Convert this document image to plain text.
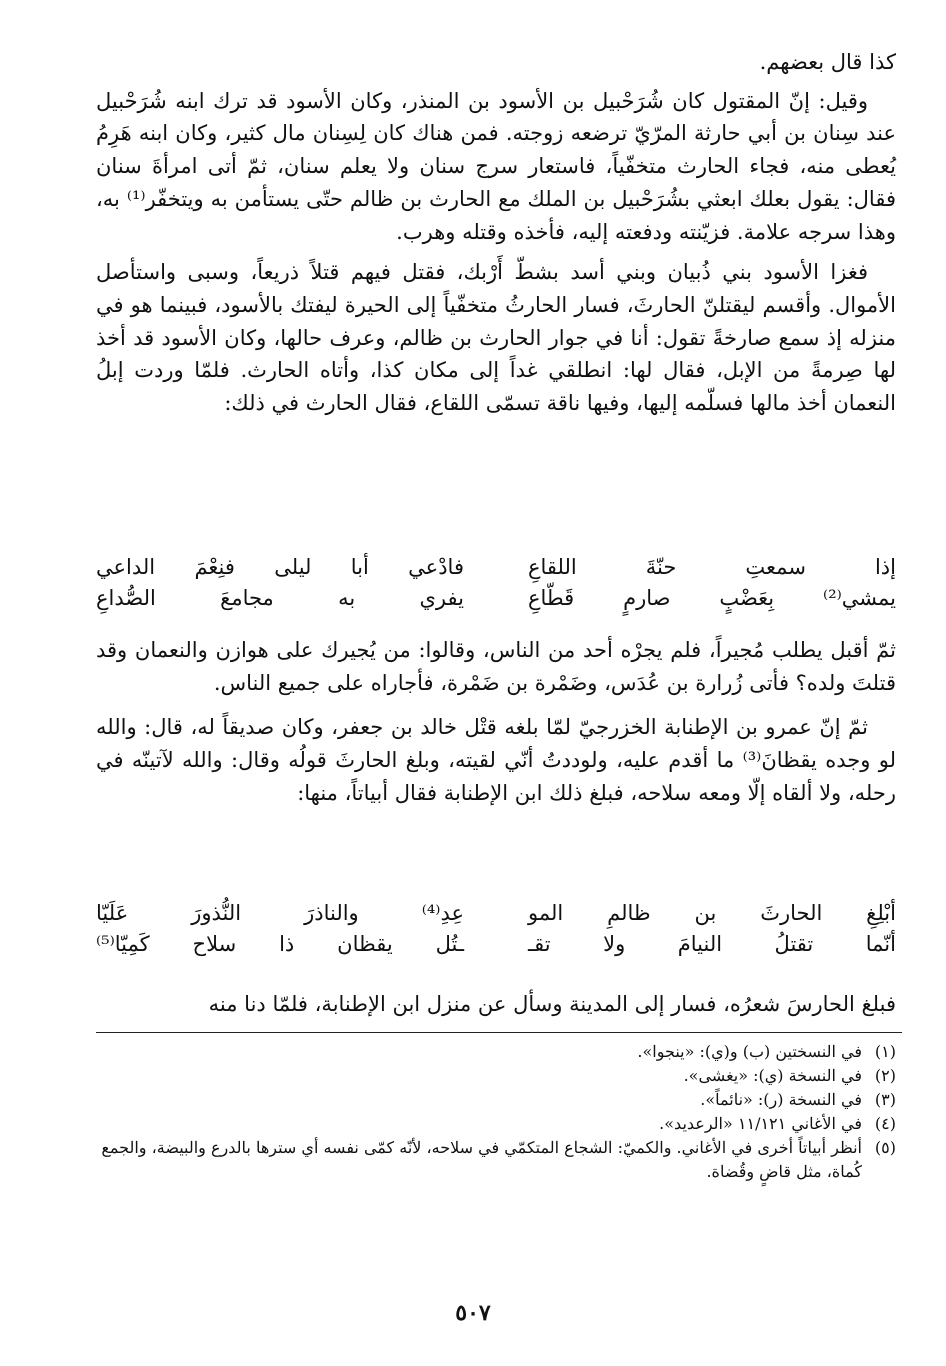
كذا قال بعضهم.

وقيل: إنّ المقتول كان شُرَحْبيل بن الأسود بن المنذر، وكان الأسود قد ترك ابنه شُرَحْبيل عند سِنان بن أبي حارثة المرّيّ ترضعه زوجته. فمن هناك كان لِسِنان مال كثير، وكان ابنه هَرِمُ يُعطى منه، فجاء الحارث متخفّياً، فاستعار سرج سنان ولا يعلم سنان، ثمّ أتى امرأةَ سنان فقال: يقول بعلك ابعثي بشُرَحْبيل بن الملك مع الحارث بن ظالم حتّى يستأمن به ويتخفّر⁽¹⁾ به، وهذا سرجه علامة. فزيّنته ودفعته إليه، فأخذه وقتله وهرب.

فغزا الأسود بني ذُبيان وبني أسد بشطّ أَرْبك، فقتل فيهم قتلاً ذريعاً، وسبى واستأصل الأموال. وأقسم ليقتلنّ الحارثَ، فسار الحارثُ متخفّياً إلى الحيرة ليفتك بالأسود، فبينما هو في منزله إذ سمع صارخةً تقول: أنا في جوار الحارث بن ظالم، وعرف حالها، وكان الأسود قد أخذ لها صِرمةً من الإبل، فقال لها: انطلقي غداً إلى مكان كذا، وأتاه الحارث. فلمّا وردت إبلُ النعمان أخذ مالها فسلّمه إليها، وفيها ناقة تسمّى اللقاع، فقال الحارث في ذلك:

إذا سمعتِ حنّةَ اللقاعِ
فادْعي أبا ليلى فنِعْمَ الداعي
يمشي⁽²⁾ بِعَضْبٍ صارمٍ قَطّاعِ
يفري به مجامعَ الصُّداعِ

ثمّ أقبل يطلب مُجيراً، فلم يجرْه أحد من الناس، وقالوا: من يُجيرك على هوازن والنعمان وقد قتلتَ ولده؟ فأتى زُرارة بن عُدَس، وضَمْرة بن ضَمْرة، فأجاراه على جميع الناس.

ثمّ إنّ عمرو بن الإطنابة الخزرجيّ لمّا بلغه قتْل خالد بن جعفر، وكان صديقاً له، قال: والله لو وجده يقظانَ⁽³⁾ ما أقدم عليه، ولوددتُ أنّي لقيته، وبلغ الحارثَ قولُه وقال: والله لآتينّه في رحله، ولا ألقاه إلّا ومعه سلاحه، فبلغ ذلك ابن الإطنابة فقال أبياتاً، منها:

أبْلِغِ الحارثَ بن ظالمِ المو
عِدِ⁽⁴⁾ والناذرَ النُّذورَ عَلَيّا
أنّما تقتلُ النيامَ ولا تقـ
ـتُل يقظان ذا سلاح كَمِيّا⁽⁵⁾

فبلغ الحارسَ شعرُه، فسار إلى المدينة وسأل عن منزل ابن الإطنابة، فلمّا دنا منه

(١)
في النسختين (ب) و(ي): «ينجوا».
(٢)
في النسخة (ي): «يغشى».
(٣)
في النسخة (ر): «نائماً».
(٤)
في الأغاني ١١/١٢١ «الرعديد».
(٥)
أنظر أبياتاً أخرى في الأغاني. والكميّ: الشجاع المتكمّي في سلاحه، لأنّه كمّى نفسه أي سترها بالدرع والبيضة، والجمع كُماة، مثل قاضٍ وقُضاة.
٥٠٧
